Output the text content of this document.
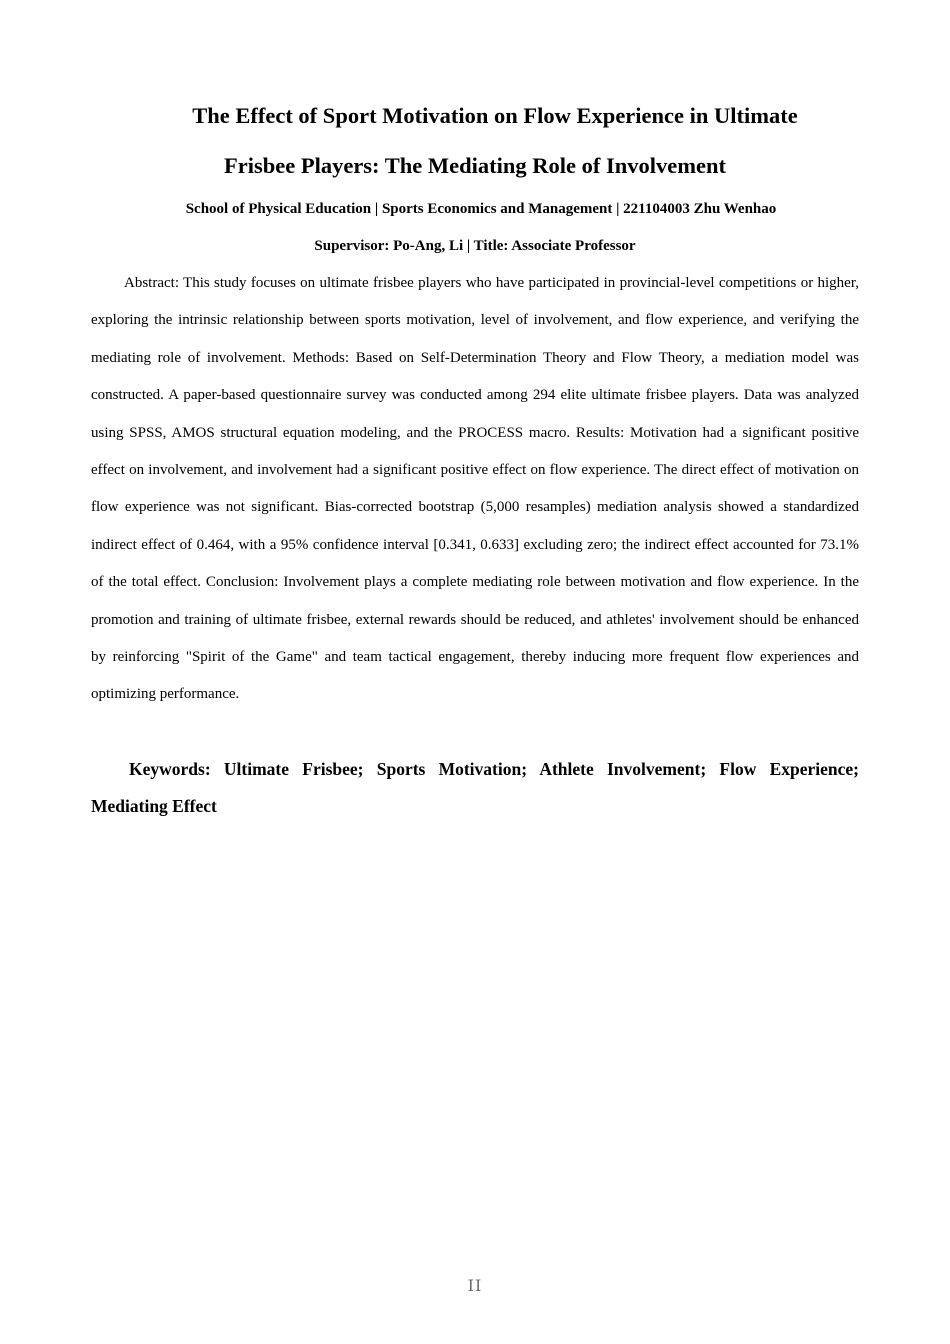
The Effect of Sport Motivation on Flow Experience in Ultimate
Frisbee Players: The Mediating Role of Involvement

School of Physical Education | Sports Economics and Management | 221104003 Zhu Wenhao

Supervisor: Po-Ang, Li | Title: Associate Professor

Abstract: This study focuses on ultimate frisbee players who have participated in provincial-level competitions or higher, exploring the intrinsic relationship between sports motivation, level of involvement, and flow experience, and verifying the mediating role of involvement. Methods: Based on Self-Determination Theory and Flow Theory, a mediation model was constructed. A paper-based questionnaire survey was conducted among 294 elite ultimate frisbee players. Data was analyzed using SPSS, AMOS structural equation modeling, and the PROCESS macro. Results: Motivation had a significant positive effect on involvement, and involvement had a significant positive effect on flow experience. The direct effect of motivation on flow experience was not significant. Bias-corrected bootstrap (5,000 resamples) mediation analysis showed a standardized indirect effect of 0.464, with a 95% confidence interval [0.341, 0.633] excluding zero; the indirect effect accounted for 73.1% of the total effect. Conclusion: Involvement plays a complete mediating role between motivation and flow experience. In the promotion and training of ultimate frisbee, external rewards should be reduced, and athletes' involvement should be enhanced by reinforcing "Spirit of the Game" and team tactical engagement, thereby inducing more frequent flow experiences and optimizing performance.

Keywords: Ultimate Frisbee; Sports Motivation; Athlete Involvement; Flow Experience; Mediating Effect

II
